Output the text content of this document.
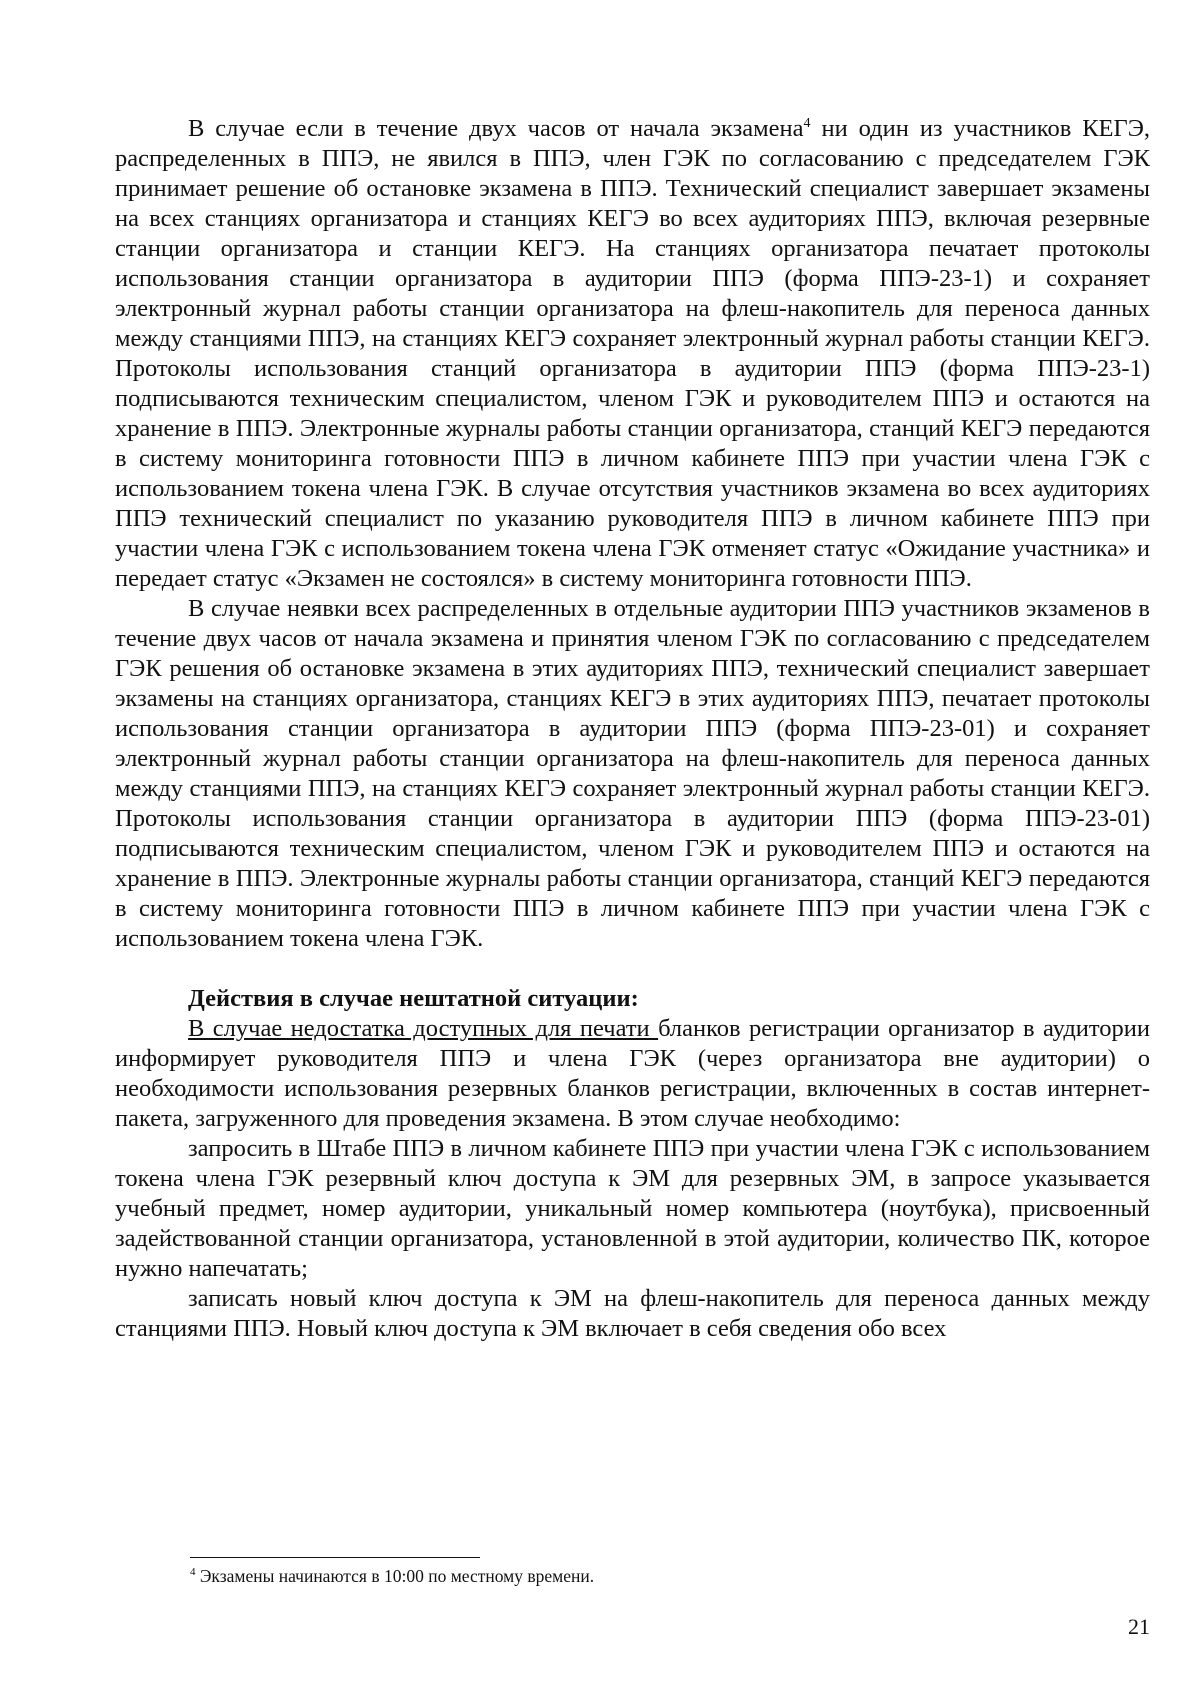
В случае если в течение двух часов от начала экзамена$^4$ ни один из участников КЕГЭ, распределенных в ППЭ, не явился в ППЭ, член ГЭК по согласованию с председателем ГЭК принимает решение об остановке экзамена в ППЭ. Технический специалист завершает экзамены на всех станциях организатора и станциях КЕГЭ во всех аудиториях ППЭ, включая резервные станции организатора и станции КЕГЭ. На станциях организатора печатает протоколы использования станции организатора в аудитории ППЭ (форма ППЭ-23-1) и сохраняет электронный журнал работы станции организатора на флеш-накопитель для переноса данных между станциями ППЭ, на станциях КЕГЭ сохраняет электронный журнал работы станции КЕГЭ. Протоколы использования станций организатора в аудитории ППЭ (форма ППЭ-23-1) подписываются техническим специалистом, членом ГЭК и руководителем ППЭ и остаются на хранение в ППЭ. Электронные журналы работы станции организатора, станций КЕГЭ передаются в систему мониторинга готовности ППЭ в личном кабинете ППЭ при участии члена ГЭК с использованием токена члена ГЭК. В случае отсутствия участников экзамена во всех аудиториях ППЭ технический специалист по указанию руководителя ППЭ в личном кабинете ППЭ при участии члена ГЭК с использованием токена члена ГЭК отменяет статус «Ожидание участника» и передает статус «Экзамен не состоялся» в систему мониторинга готовности ППЭ.

В случае неявки всех распределенных в отдельные аудитории ППЭ участников экзаменов в течение двух часов от начала экзамена и принятия членом ГЭК по согласованию с председателем ГЭК решения об остановке экзамена в этих аудиториях ППЭ, технический специалист завершает экзамены на станциях организатора, станциях КЕГЭ в этих аудиториях ППЭ, печатает протоколы использования станции организатора в аудитории ППЭ (форма ППЭ-23-01) и сохраняет электронный журнал работы станции организатора на флеш-накопитель для переноса данных между станциями ППЭ, на станциях КЕГЭ сохраняет электронный журнал работы станции КЕГЭ. Протоколы использования станции организатора в аудитории ППЭ (форма ППЭ-23-01) подписываются техническим специалистом, членом ГЭК и руководителем ППЭ и остаются на хранение в ППЭ. Электронные журналы работы станции организатора, станций КЕГЭ передаются в систему мониторинга готовности ППЭ в личном кабинете ППЭ при участии члена ГЭК с использованием токена члена ГЭК.

Действия в случае нештатной ситуации:

В случае недостатка доступных для печати бланков регистрации организатор в аудитории информирует руководителя ППЭ и члена ГЭК (через организатора вне аудитории) о необходимости использования резервных бланков регистрации, включенных в состав интернет-пакета, загруженного для проведения экзамена. В этом случае необходимо:

запросить в Штабе ППЭ в личном кабинете ППЭ при участии члена ГЭК с использованием токена члена ГЭК резервный ключ доступа к ЭМ для резервных ЭМ, в запросе указывается учебный предмет, номер аудитории, уникальный номер компьютера (ноутбука), присвоенный задействованной станции организатора, установленной в этой аудитории, количество ПК, которое нужно напечатать;

записать новый ключ доступа к ЭМ на флеш-накопитель для переноса данных между станциями ППЭ. Новый ключ доступа к ЭМ включает в себя сведения обо всех

$^4$ Экзамены начинаются в 10:00 по местному времени.
21
